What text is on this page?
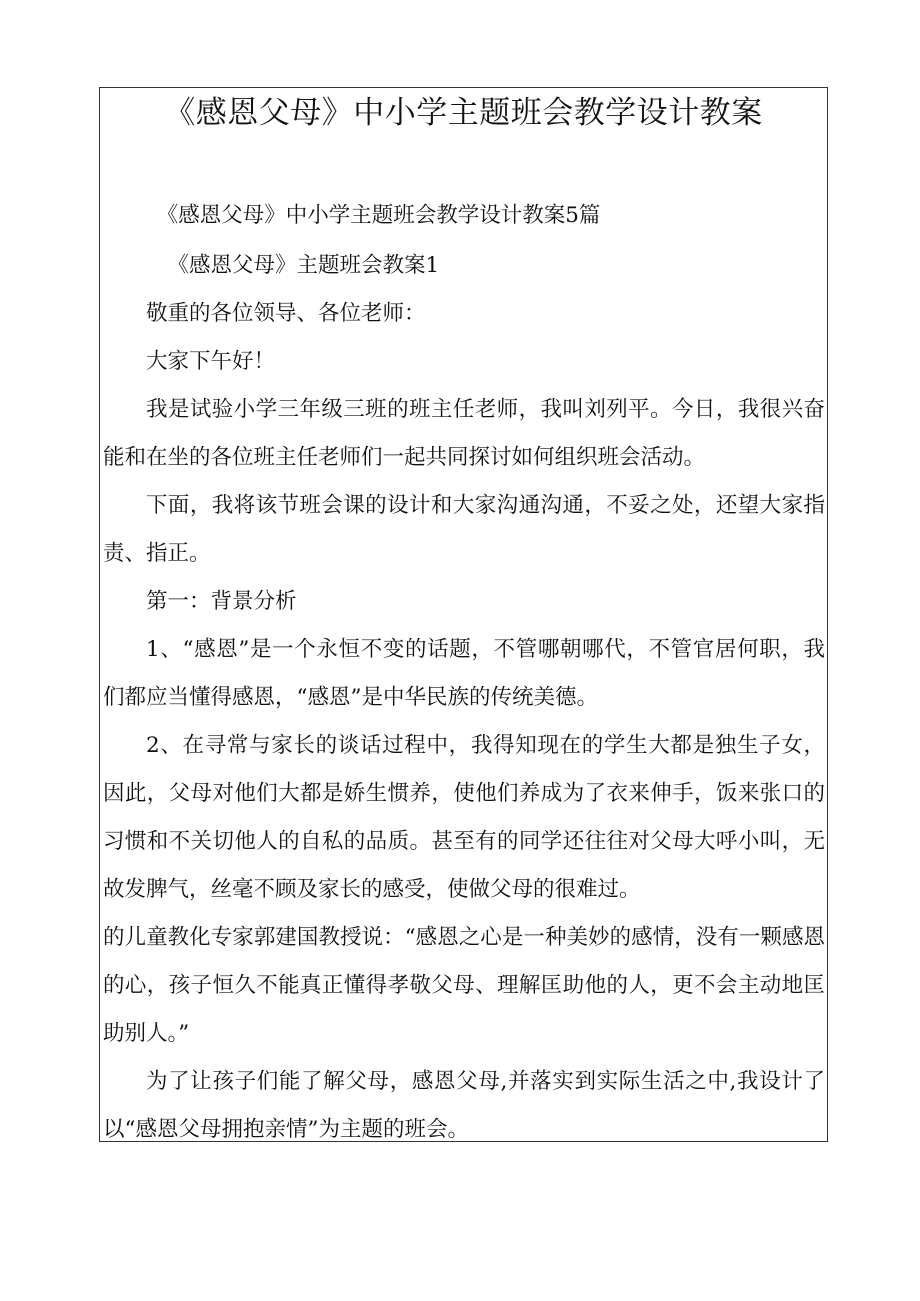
《感恩父母》中小学主题班会教学设计教案

《感恩父母》中小学主题班会教学设计教案5篇

《感恩父母》主题班会教案1

敬重的各位领导、各位老师：

大家下午好！

我是试验小学三年级三班的班主任老师，我叫刘列平。今日，我很兴奋能和在坐的各位班主任老师们一起共同探讨如何组织班会活动。

下面，我将该节班会课的设计和大家沟通沟通，不妥之处，还望大家指责、指正。

第一：背景分析

1、“感恩”是一个永恒不变的话题，不管哪朝哪代，不管官居何职，我们都应当懂得感恩，“感恩”是中华民族的传统美德。

2、在寻常与家长的谈话过程中，我得知现在的学生大都是独生子女，因此，父母对他们大都是娇生惯养，使他们养成为了衣来伸手，饭来张口的习惯和不关切他人的自私的品质。甚至有的同学还往往对父母大呼小叫，无故发脾气，丝毫不顾及家长的感受，使做父母的很难过。

的儿童教化专家郭建国教授说：“感恩之心是一种美妙的感情，没有一颗感恩的心，孩子恒久不能真正懂得孝敬父母、理解匡助他的人，更不会主动地匡助别人。”

为了让孩子们能了解父母，感恩父母,并落实到实际生活之中,我设计了以“感恩父母拥抱亲情”为主题的班会。
